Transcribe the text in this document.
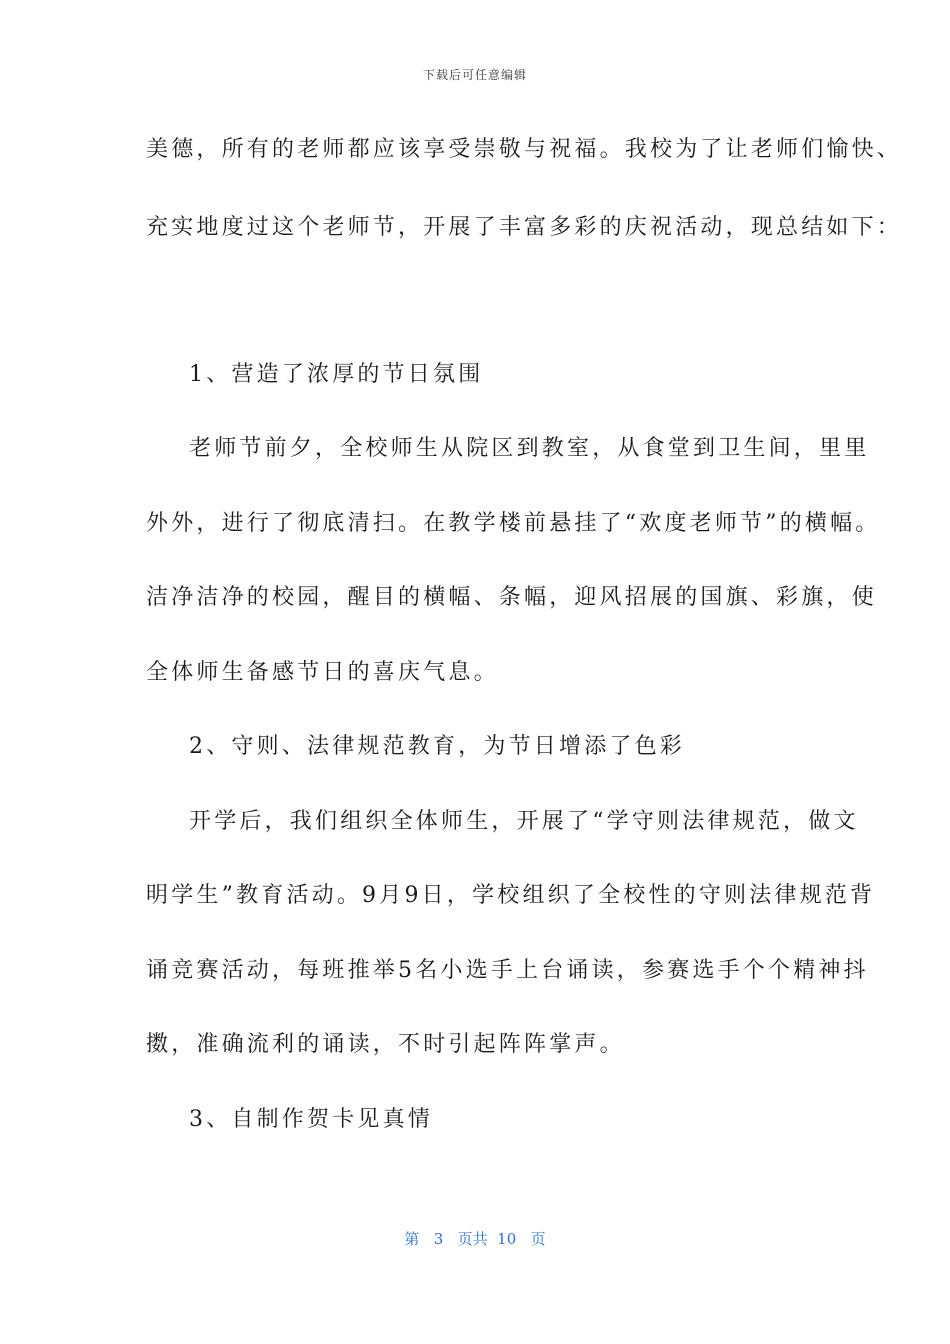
下载后可任意编辑
美德，所有的老师都应该享受崇敬与祝福。我校为了让老师们愉快、
充实地度过这个老师节，开展了丰富多彩的庆祝活动，现总结如下：
1、营造了浓厚的节日氛围
老师节前夕，全校师生从院区到教室，从食堂到卫生间，里里
外外，进行了彻底清扫。在教学楼前悬挂了“欢度老师节”的横幅。
洁净洁净的校园，醒目的横幅、条幅，迎风招展的国旗、彩旗，使
全体师生备感节日的喜庆气息。
2、守则、法律规范教育，为节日增添了色彩
开学后，我们组织全体师生，开展了“学守则法律规范，做文
明学生”教育活动。9月9日，学校组织了全校性的守则法律规范背
诵竞赛活动，每班推举5名小选手上台诵读，参赛选手个个精神抖
擞，准确流利的诵读，不时引起阵阵掌声。
3、自制作贺卡见真情
第 3 页共 10 页
